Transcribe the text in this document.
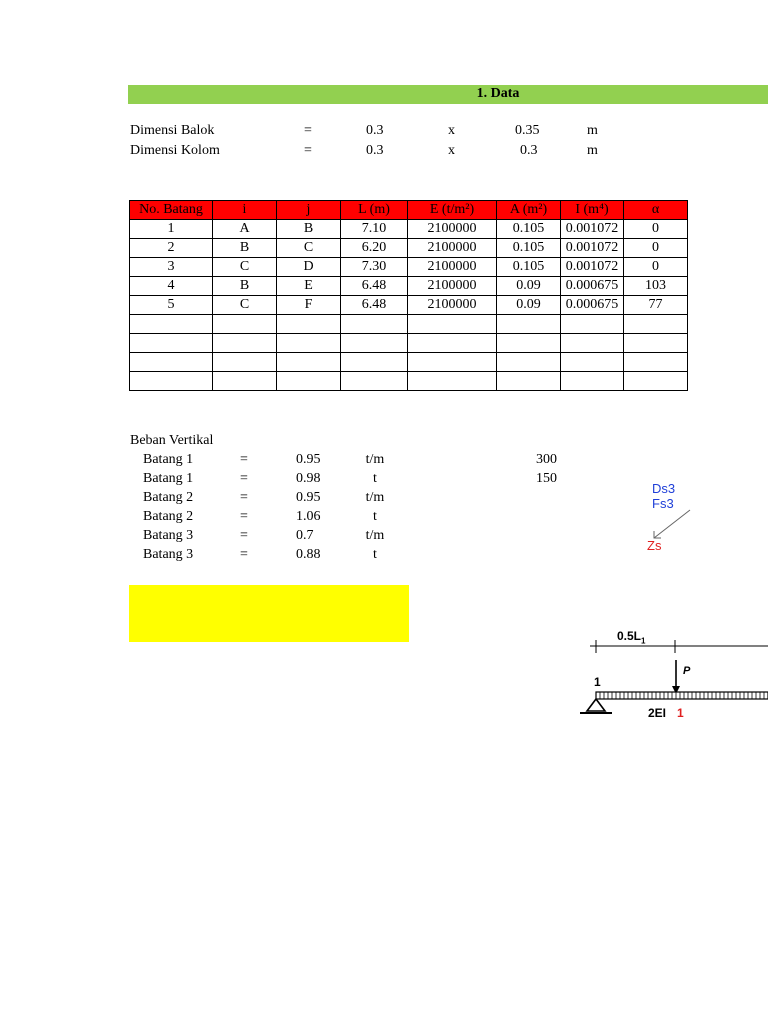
1. Data
Dimensi Balok	=	0.3	x	0.35	m
Dimensi Kolom	=	0.3	x	0.3	m
No. Batang	i	j	L (m)	E (t/m²)	A (m²)	I (m⁴)	α
1	A	B	7.10	2100000	0.105	0.001072	0
2	B	C	6.20	2100000	0.105	0.001072	0
3	C	D	7.30	2100000	0.105	0.001072	0
4	B	E	6.48	2100000	0.09	0.000675	103
5	C	F	6.48	2100000	0.09	0.000675	77

Beban Vertikal
Batang 1	=	0.95	t/m	300
Batang 1	=	0.98	t	150
Batang 2	=	0.95	t/m
Batang 2	=	1.06	t
Batang 3	=	0.7	t/m
Batang 3	=	0.88	t
Ds3
Fs3
Zs
$0.5L_1$
P
1
2EI 1
